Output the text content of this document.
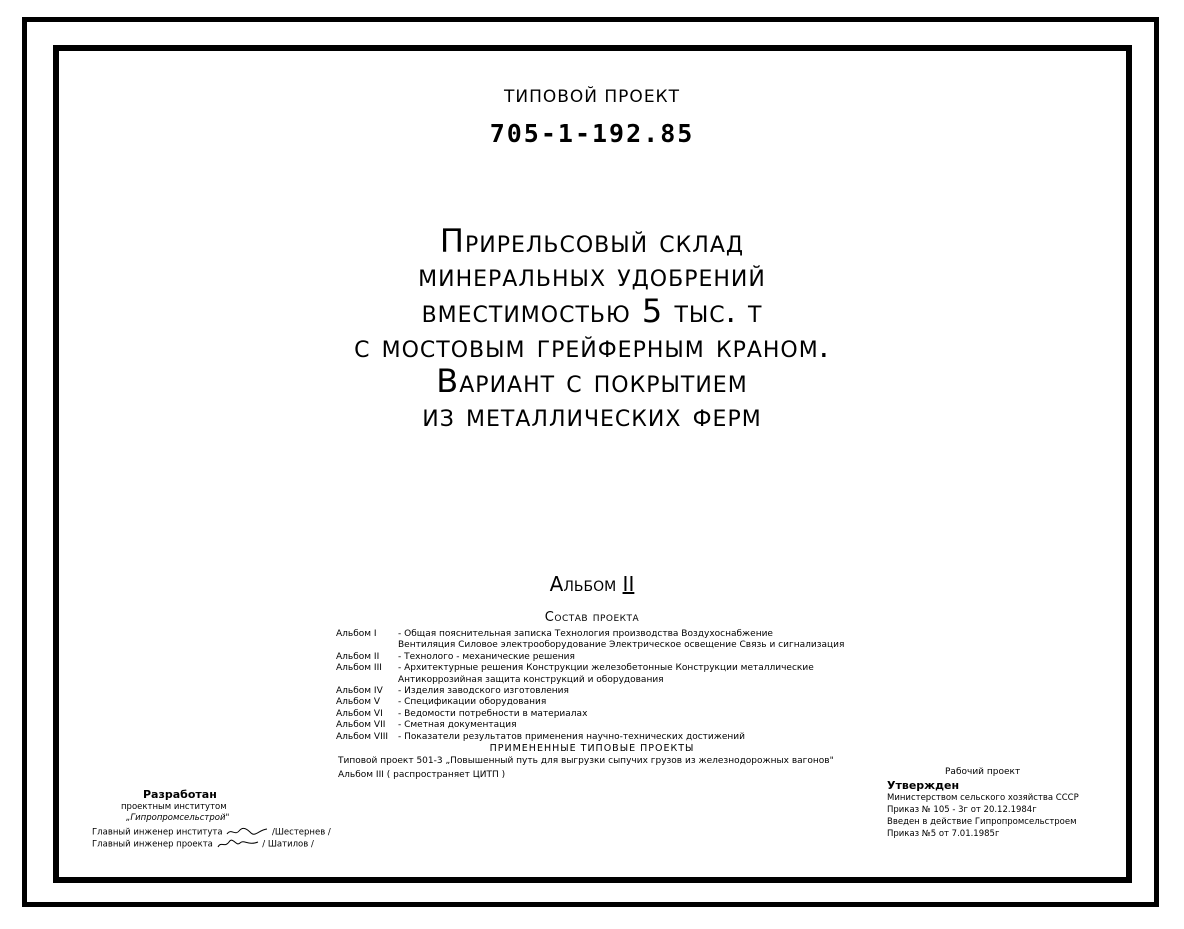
ТИПОВОЙ ПРОЕКТ
705-1-192.85
Прирельсовый склад
минеральных удобрений
вместимостью 5 тыс. т
с мостовым грейферным краном.
Вариант с покрытием
из металлических ферм
Альбом II
Состав проекта
Альбом I	- Общая пояснительная записка Технология производства Воздухоснабжение
Вентиляция Силовое электрооборудование Электрическое освещение Связь и сигнализация
Альбом II	- Технолого - механические решения
Альбом III	- Архитектурные решения Конструкции железобетонные Конструкции металлические
Антикоррозийная защита конструкций и оборудования
Альбом IV	- Изделия заводского изготовления
Альбом V	- Спецификации оборудования
Альбом VI	- Ведомости потребности в материалах
Альбом VII	- Сметная документация
Альбом VIII	- Показатели результатов применения научно-технических достижений
ПРИМЕНЕННЫЕ ТИПОВЫЕ ПРОЕКТЫ
Типовой проект 501-3 „Повышенный путь для выгрузки сыпучих грузов из железнодорожных вагонов"
Альбом III ( распространяет ЦИТП )
Разработан
проектным институтом
„Гипропромсельстрой"
Главный инженер института	/Шестернев /
Главный инженер проекта	/ Шатилов /
Рабочий проект
Утвержден
Министерством сельского хозяйства СССР
Приказ № 105 - 3г от 20.12.1984г
Введен в действие Гипропромсельстроем
Приказ №5 от 7.01.1985г
